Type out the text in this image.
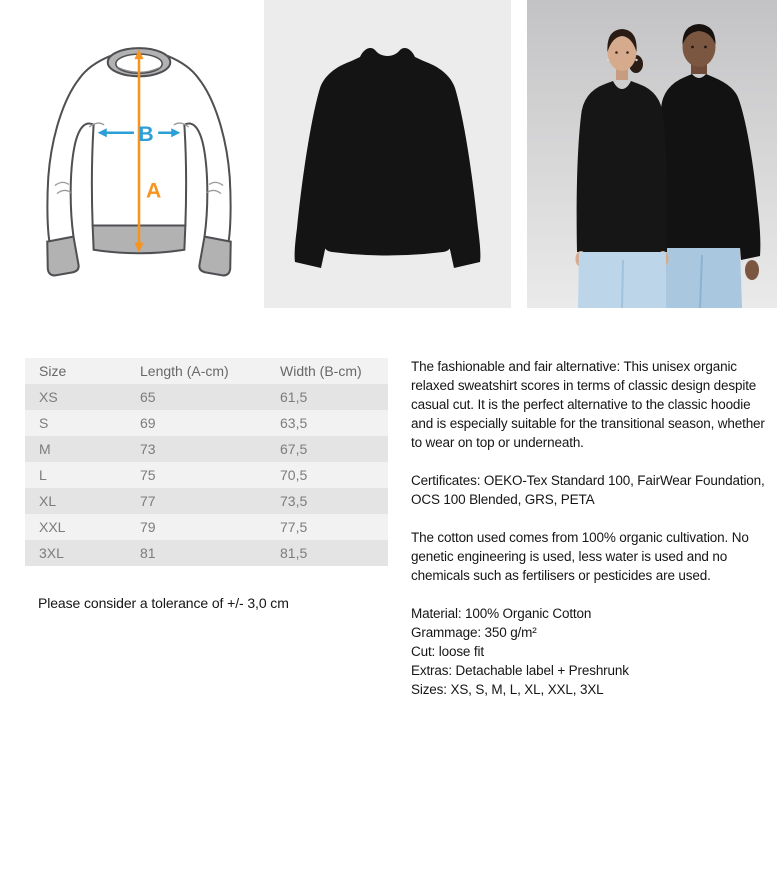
A
B
Size	Length (A-cm)	Width (B-cm)
XS	65	61,5
S	69	63,5
M	73	67,5
L	75	70,5
XL	77	73,5
XXL	79	77,5
3XL	81	81,5
Please consider a tolerance of +/- 3,0 cm

The fashionable and fair alternative: This unisex organic relaxed sweatshirt scores in terms of classic design despite casual cut. It is the perfect alternative to the classic hoodie and is especially suitable for the transitional season, whether to wear on top or underneath.

Certificates: OEKO-Tex Standard 100, FairWear Foundation, OCS 100 Blended, GRS, PETA

The cotton used comes from 100% organic cultivation. No genetic engineering is used, less water is used and no chemicals such as fertilisers or pesticides are used.

Material: 100% Organic Cotton
Grammage: 350 g/m²
Cut: loose fit
Extras: Detachable label + Preshrunk
Sizes: XS, S, M, L, XL, XXL, 3XL
